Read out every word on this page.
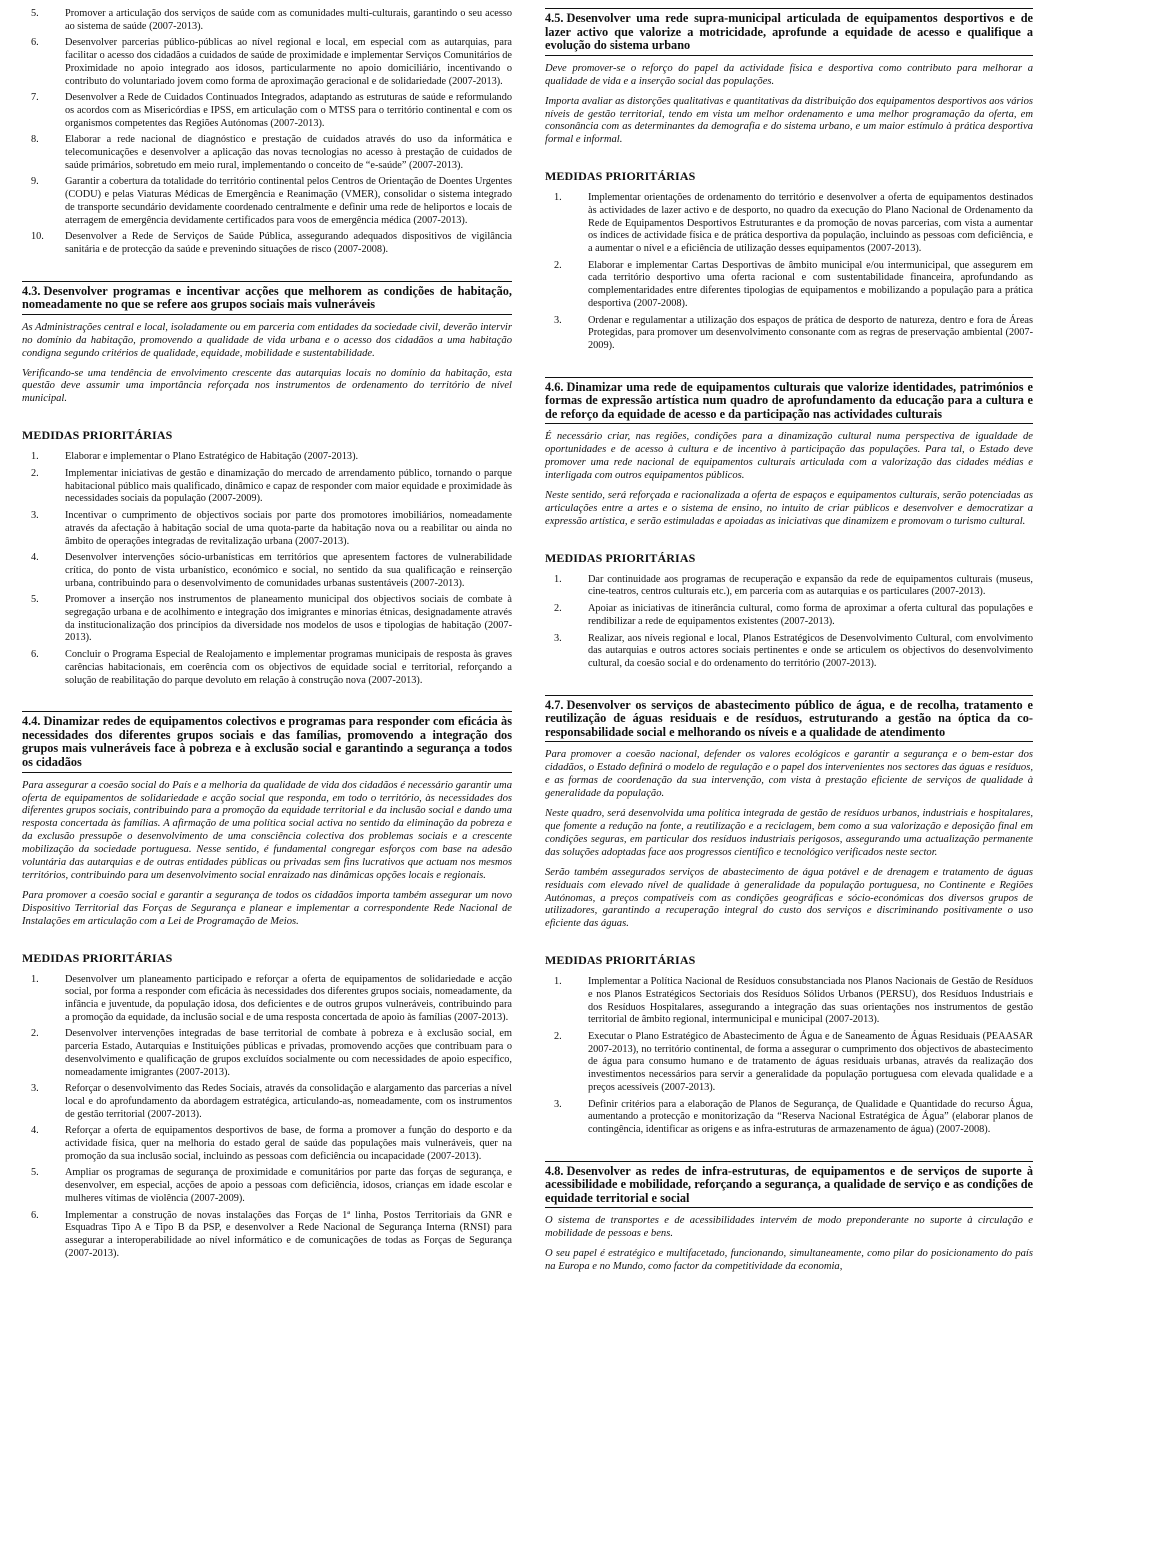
5.	Promover a articulação dos serviços de saúde com as comunidades multi-culturais, garantindo o seu acesso ao sistema de saúde (2007-2013).
6.	Desenvolver parcerias público-públicas ao nível regional e local, em especial com as autarquias, para facilitar o acesso dos cidadãos a cuidados de saúde de proximidade e implementar Serviços Comunitários de Proximidade no apoio integrado aos idosos, particularmente no apoio domiciliário, incentivando o contributo do voluntariado jovem como forma de aproximação geracional e de solidariedade (2007-2013).
7.	Desenvolver a Rede de Cuidados Continuados Integrados, adaptando as estruturas de saúde e reformulando os acordos com as Misericórdias e IPSS, em articulação com o MTSS para o território continental e com os organismos competentes das Regiões Autónomas (2007-2013).
8.	Elaborar a rede nacional de diagnóstico e prestação de cuidados através do uso da informática e telecomunicações e desenvolver a aplicação das novas tecnologias no acesso à prestação de cuidados de saúde primários, sobretudo em meio rural, implementando o conceito de “e-saúde” (2007-2013).
9.	Garantir a cobertura da totalidade do território continental pelos Centros de Orientação de Doentes Urgentes (CODU) e pelas Viaturas Médicas de Emergência e Reanimação (VMER), consolidar o sistema integrado de transporte secundário devidamente coordenado centralmente e definir uma rede de heliportos e locais de aterragem de emergência devidamente certificados para voos de emergência médica (2007-2013).
10.	Desenvolver a Rede de Serviços de Saúde Pública, assegurando adequados dispositivos de vigilância sanitária e de protecção da saúde e prevenindo situações de risco (2007-2008).
4.3. Desenvolver programas e incentivar acções que melhorem as condições de habitação, nomeadamente no que se refere aos grupos sociais mais vulneráveis

As Administrações central e local, isoladamente ou em parceria com entidades da sociedade civil, deverão intervir no domínio da habitação, promovendo a qualidade de vida urbana e o acesso dos cidadãos a uma habitação condigna segundo critérios de qualidade, equidade, mobilidade e sustentabilidade.

Verificando-se uma tendência de envolvimento crescente das autarquias locais no domínio da habitação, esta questão deve assumir uma importância reforçada nos instrumentos de ordenamento do território de nível municipal.

MEDIDAS PRIORITÁRIAS
1.	Elaborar e implementar o Plano Estratégico de Habitação (2007-2013).
2.	Implementar iniciativas de gestão e dinamização do mercado de arrendamento público, tornando o parque habitacional público mais qualificado, dinâmico e capaz de responder com maior equidade e proximidade às necessidades sociais da população (2007-2009).
3.	Incentivar o cumprimento de objectivos sociais por parte dos promotores imobiliários, nomeadamente através da afectação à habitação social de uma quota-parte da habitação nova ou a reabilitar ou ainda no âmbito de operações integradas de revitalização urbana (2007-2013).
4.	Desenvolver intervenções sócio-urbanísticas em territórios que apresentem factores de vulnerabilidade crítica, do ponto de vista urbanístico, económico e social, no sentido da sua qualificação e reinserção urbana, contribuindo para o desenvolvimento de comunidades urbanas sustentáveis (2007-2013).
5.	Promover a inserção nos instrumentos de planeamento municipal dos objectivos sociais de combate à segregação urbana e de acolhimento e integração dos imigrantes e minorias étnicas, designadamente através da institucionalização dos princípios da diversidade nos modelos de usos e tipologias de habitação (2007-2013).
6.	Concluir o Programa Especial de Realojamento e implementar programas municipais de resposta às graves carências habitacionais, em coerência com os objectivos de equidade social e territorial, reforçando a solução de reabilitação do parque devoluto em relação à construção nova (2007-2013).
4.4. Dinamizar redes de equipamentos colectivos e programas para responder com eficácia às necessidades dos diferentes grupos sociais e das famílias, promovendo a integração dos grupos mais vulneráveis face à pobreza e à exclusão social e garantindo a segurança a todos os cidadãos

Para assegurar a coesão social do País e a melhoria da qualidade de vida dos cidadãos é necessário garantir uma oferta de equipamentos de solidariedade e acção social que responda, em todo o território, às necessidades dos diferentes grupos sociais, contribuindo para a promoção da equidade territorial e da inclusão social e dando uma resposta concertada às famílias. A afirmação de uma política social activa no sentido da eliminação da pobreza e da exclusão pressupõe o desenvolvimento de uma consciência colectiva dos problemas sociais e a crescente mobilização da sociedade portuguesa. Nesse sentido, é fundamental congregar esforços com base na adesão voluntária das autarquias e de outras entidades públicas ou privadas sem fins lucrativos que actuam nos mesmos territórios, contribuindo para um desenvolvimento social enraizado nas dinâmicas opções locais e regionais.

Para promover a coesão social e garantir a segurança de todos os cidadãos importa também assegurar um novo Dispositivo Territorial das Forças de Segurança e planear e implementar a correspondente Rede Nacional de Instalações em articulação com a Lei de Programação de Meios.

MEDIDAS PRIORITÁRIAS
1.	Desenvolver um planeamento participado e reforçar a oferta de equipamentos de solidariedade e acção social, por forma a responder com eficácia às necessidades dos diferentes grupos sociais, nomeadamente, da infância e juventude, da população idosa, dos deficientes e de outros grupos vulneráveis, contribuindo para a promoção da equidade, da inclusão social e de uma resposta concertada de apoio às famílias (2007-2013).
2.	Desenvolver intervenções integradas de base territorial de combate à pobreza e à exclusão social, em parceria Estado, Autarquias e Instituições públicas e privadas, promovendo acções que contribuam para o desenvolvimento e qualificação de grupos excluídos socialmente ou com necessidades de apoio específico, nomeadamente imigrantes (2007-2013).
3.	Reforçar o desenvolvimento das Redes Sociais, através da consolidação e alargamento das parcerias a nível local e do aprofundamento da abordagem estratégica, articulando-as, nomeadamente, com os instrumentos de gestão territorial (2007-2013).
4.	Reforçar a oferta de equipamentos desportivos de base, de forma a promover a função do desporto e da actividade física, quer na melhoria do estado geral de saúde das populações mais vulneráveis, quer na promoção da sua inclusão social, incluindo as pessoas com deficiência ou incapacidade (2007-2013).
5.	Ampliar os programas de segurança de proximidade e comunitários por parte das forças de segurança, e desenvolver, em especial, acções de apoio a pessoas com deficiência, idosos, crianças em idade escolar e mulheres vítimas de violência (2007-2009).
6.	Implementar a construção de novas instalações das Forças de 1ª linha, Postos Territoriais da GNR e Esquadras Tipo A e Tipo B da PSP, e desenvolver a Rede Nacional de Segurança Interna (RNSI) para assegurar a interoperabilidade ao nível informático e de comunicações de todas as Forças de Segurança (2007-2013).
4.5. Desenvolver uma rede supra-municipal articulada de equipamentos desportivos e de lazer activo que valorize a motricidade, aprofunde a equidade de acesso e qualifique a evolução do sistema urbano

Deve promover-se o reforço do papel da actividade física e desportiva como contributo para melhorar a qualidade de vida e a inserção social das populações.

Importa avaliar as distorções qualitativas e quantitativas da distribuição dos equipamentos desportivos aos vários níveis de gestão territorial, tendo em vista um melhor ordenamento e uma melhor programação da oferta, em consonância com as determinantes da demografia e do sistema urbano, e um maior estímulo à prática desportiva formal e informal.

MEDIDAS PRIORITÁRIAS
1.	Implementar orientações de ordenamento do território e desenvolver a oferta de equipamentos destinados às actividades de lazer activo e de desporto, no quadro da execução do Plano Nacional de Ordenamento da Rede de Equipamentos Desportivos Estruturantes e da promoção de novas parcerias, com vista a aumentar os índices de actividade física e de prática desportiva da população, incluindo as pessoas com deficiência, e a aumentar o nível e a eficiência de utilização desses equipamentos (2007-2013).
2.	Elaborar e implementar Cartas Desportivas de âmbito municipal e/ou intermunicipal, que assegurem em cada território desportivo uma oferta racional e com sustentabilidade financeira, aprofundando as complementaridades entre diferentes tipologias de equipamentos e mobilizando a população para a prática desportiva (2007-2008).
3.	Ordenar e regulamentar a utilização dos espaços de prática de desporto de natureza, dentro e fora de Áreas Protegidas, para promover um desenvolvimento consonante com as regras de preservação ambiental (2007-2009).
4.6. Dinamizar uma rede de equipamentos culturais que valorize identidades, patrimónios e formas de expressão artística num quadro de aprofundamento da educação para a cultura e de reforço da equidade de acesso e da participação nas actividades culturais

É necessário criar, nas regiões, condições para a dinamização cultural numa perspectiva de igualdade de oportunidades e de acesso à cultura e de incentivo à participação das populações. Para tal, o Estado deve promover uma rede nacional de equipamentos culturais articulada com a valorização das cidades médias e interligada com outros equipamentos públicos.

Neste sentido, será reforçada e racionalizada a oferta de espaços e equipamentos culturais, serão potenciadas as articulações entre a artes e o sistema de ensino, no intuito de criar públicos e desenvolver e democratizar a expressão artística, e serão estimuladas e apoiadas as iniciativas que dinamizem e promovam o turismo cultural.

MEDIDAS PRIORITÁRIAS
1.	Dar continuidade aos programas de recuperação e expansão da rede de equipamentos culturais (museus, cine-teatros, centros culturais etc.), em parceria com as autarquias e os particulares (2007-2013).
2.	Apoiar as iniciativas de itinerância cultural, como forma de aproximar a oferta cultural das populações e rendibilizar a rede de equipamentos existentes (2007-2013).
3.	Realizar, aos níveis regional e local, Planos Estratégicos de Desenvolvimento Cultural, com envolvimento das autarquias e outros actores sociais pertinentes e onde se articulem os objectivos do desenvolvimento cultural, da coesão social e do ordenamento do território (2007-2013).
4.7. Desenvolver os serviços de abastecimento público de água, e de recolha, tratamento e reutilização de águas residuais e de resíduos, estruturando a gestão na óptica da co-responsabilidade social e melhorando os níveis e a qualidade de atendimento

Para promover a coesão nacional, defender os valores ecológicos e garantir a segurança e o bem-estar dos cidadãos, o Estado definirá o modelo de regulação e o papel dos intervenientes nos sectores das águas e resíduos, e as formas de coordenação da sua intervenção, com vista à prestação eficiente de serviços de qualidade à generalidade da população.

Neste quadro, será desenvolvida uma política integrada de gestão de resíduos urbanos, industriais e hospitalares, que fomente a redução na fonte, a reutilização e a reciclagem, bem como a sua valorização e deposição final em condições seguras, em particular dos resíduos industriais perigosos, assegurando uma actualização permanente das soluções adoptadas face aos progressos científico e tecnológico verificados neste sector.

Serão também assegurados serviços de abastecimento de água potável e de drenagem e tratamento de águas residuais com elevado nível de qualidade à generalidade da população portuguesa, no Continente e Regiões Autónomas, a preços compatíveis com as condições geográficas e sócio-económicas dos diversos grupos de utilizadores, garantindo a recuperação integral do custo dos serviços e discriminando positivamente o uso eficiente das águas.

MEDIDAS PRIORITÁRIAS
1.	Implementar a Política Nacional de Resíduos consubstanciada nos Planos Nacionais de Gestão de Resíduos e nos Planos Estratégicos Sectoriais dos Resíduos Sólidos Urbanos (PERSU), dos Resíduos Industriais e dos Resíduos Hospitalares, assegurando a integração das suas orientações nos instrumentos de gestão territorial de âmbito regional, intermunicipal e municipal (2007-2013).
2.	Executar o Plano Estratégico de Abastecimento de Água e de Saneamento de Águas Residuais (PEAASAR 2007-2013), no território continental, de forma a assegurar o cumprimento dos objectivos de abastecimento de água para consumo humano e de tratamento de águas residuais urbanas, através da realização dos investimentos necessários para servir a generalidade da população portuguesa com elevada qualidade e a preços acessíveis (2007-2013).
3.	Definir critérios para a elaboração de Planos de Segurança, de Qualidade e Quantidade do recurso Água, aumentando a protecção e monitorização da “Reserva Nacional Estratégica de Água” (elaborar planos de contingência, identificar as origens e as infra-estruturas de armazenamento de água) (2007-2008).
4.8. Desenvolver as redes de infra-estruturas, de equipamentos e de serviços de suporte à acessibilidade e mobilidade, reforçando a segurança, a qualidade de serviço e as condições de equidade territorial e social

O sistema de transportes e de acessibilidades intervém de modo preponderante no suporte à circulação e mobilidade de pessoas e bens.

O seu papel é estratégico e multifacetado, funcionando, simultaneamente, como pilar do posicionamento do país na Europa e no Mundo, como factor da competitividade da economia,
